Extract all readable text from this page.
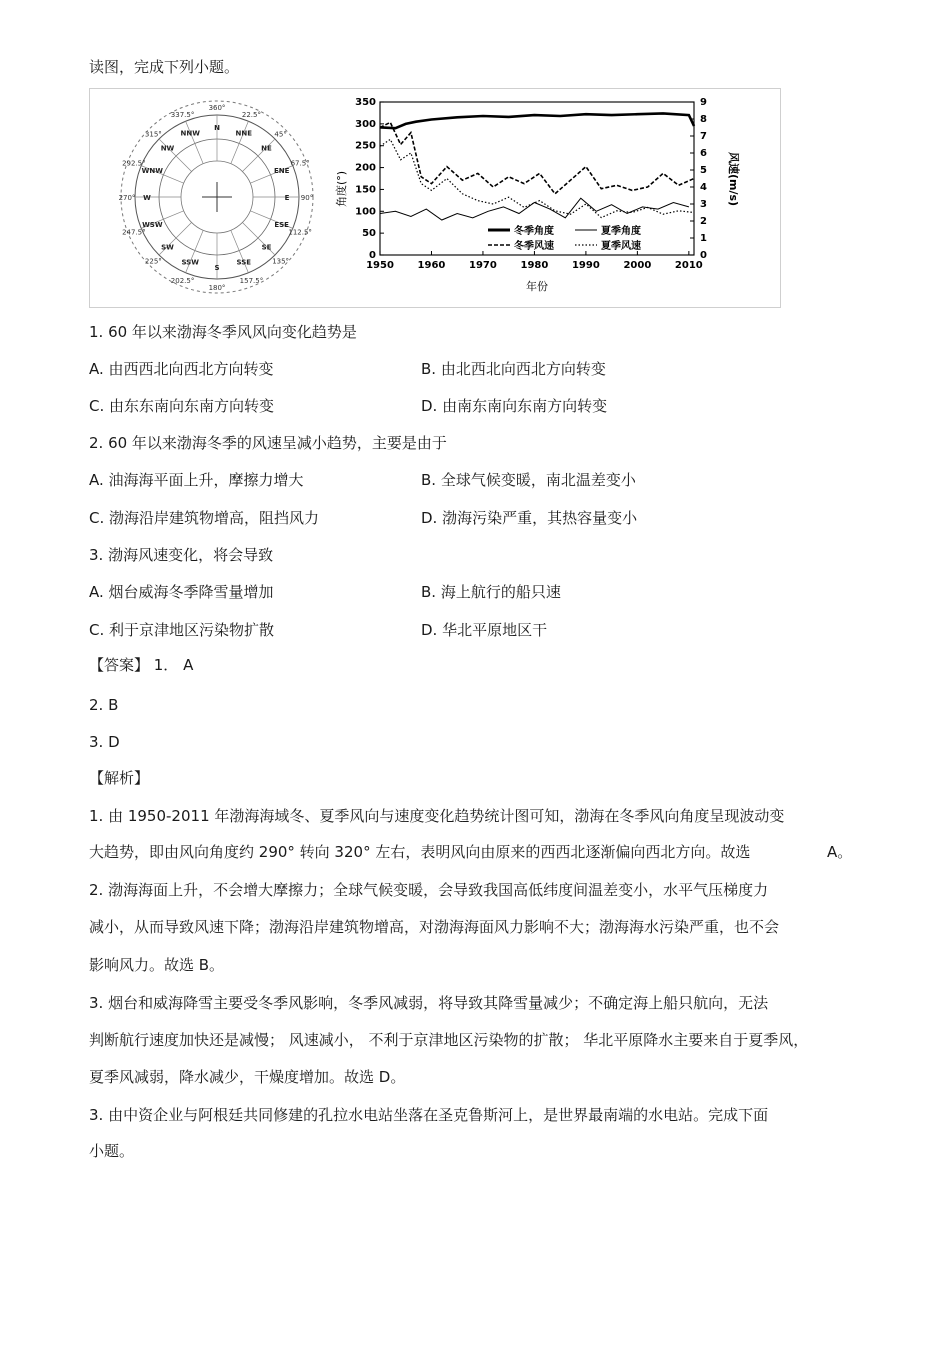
读图，完成下列小题。
360°
N
22.5°
NNE	45°
NE
67.5°
ENE
90°
E
112.5°
ESE
135°
SE
157.5°
SSE
180°
S
202.5°
SSW
225°
SW
247.5°
WSW
270° W
292.5°
WNW
315°
NW
337.5°
NNW
0
50
100
150
200
250
300
350
0
1
2
3
4
5
6
7
8
9
1950 1960 1970 1980 1990 2000 2010
角度(°)	风速(m/s)
年份
冬季角度	夏季角度
冬季风速	夏季风速
1. 60 年以来渤海冬季风风向变化趋势是
A. 由西西北向西北方向转变	B. 由北西北向西北方向转变
C. 由东东南向东南方向转变	D. 由南东南向东南方向转变
2. 60 年以来渤海冬季的风速呈减小趋势，主要是由于
A. 油海海平面上升，摩擦力增大	B. 全球气候变暖，南北温差变小
C. 渤海沿岸建筑物增高，阻挡风力	D. 渤海污染严重，其热容量变小
3. 渤海风速变化，将会导致
A. 烟台威海冬季降雪量增加	B. 海上航行的船只速
C. 利于京津地区污染物扩散	D. 华北平原地区干
【答案】 1． A
2. B
3. D
【解析】
1. 由 1950-2011 年渤海海域冬、夏季风向与速度变化趋势统计图可知，渤海在冬季风向角度呈现波动变
大趋势，即由风向角度约 290° 转向 320° 左右，表明风向由原来的西西北逐渐偏向西北方向。故选	A。
2. 渤海海面上升，不会增大摩擦力；全球气候变暖，会导致我国高低纬度间温差变小，水平气压梯度力
减小，从而导致风速下降；渤海沿岸建筑物增高，对渤海海面风力影响不大；渤海海水污染严重，也不会
影响风力。故选 B。
3. 烟台和威海降雪主要受冬季风影响，冬季风减弱，将导致其降雪量减少；不确定海上船只航向，无法
判断航行速度加快还是减慢； 风速减小， 不利于京津地区污染物的扩散； 华北平原降水主要来自于夏季风，
夏季风减弱，降水减少，干燥度增加。故选 D。
3. 由中资企业与阿根廷共同修建的孔拉水电站坐落在圣克鲁斯河上，是世界最南端的水电站。完成下面
小题。
